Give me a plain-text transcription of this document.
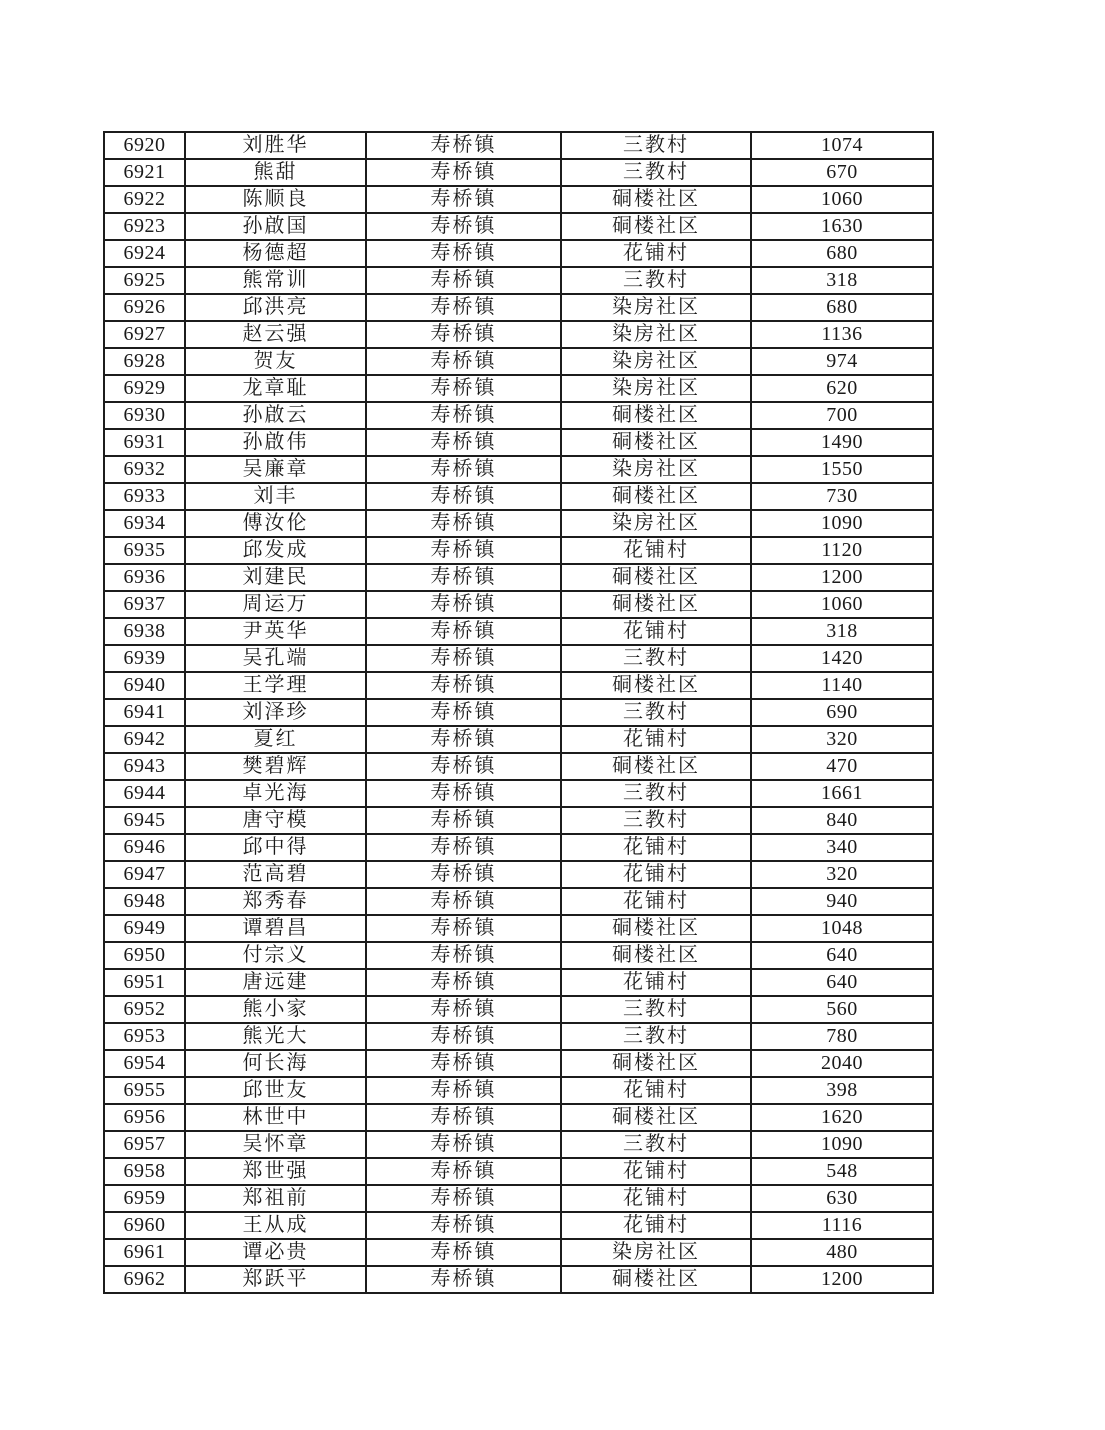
6920	刘胜华	寿桥镇	三教村	1074
6921	熊甜	寿桥镇	三教村	670
6922	陈顺良	寿桥镇	硐楼社区	1060
6923	孙啟国	寿桥镇	硐楼社区	1630
6924	杨德超	寿桥镇	花铺村	680
6925	熊常训	寿桥镇	三教村	318
6926	邱洪亮	寿桥镇	染房社区	680
6927	赵云强	寿桥镇	染房社区	1136
6928	贺友	寿桥镇	染房社区	974
6929	龙章耻	寿桥镇	染房社区	620
6930	孙啟云	寿桥镇	硐楼社区	700
6931	孙啟伟	寿桥镇	硐楼社区	1490
6932	吴廉章	寿桥镇	染房社区	1550
6933	刘丰	寿桥镇	硐楼社区	730
6934	傅汝伦	寿桥镇	染房社区	1090
6935	邱发成	寿桥镇	花铺村	1120
6936	刘建民	寿桥镇	硐楼社区	1200
6937	周运万	寿桥镇	硐楼社区	1060
6938	尹英华	寿桥镇	花铺村	318
6939	吴孔端	寿桥镇	三教村	1420
6940	王学理	寿桥镇	硐楼社区	1140
6941	刘泽珍	寿桥镇	三教村	690
6942	夏红	寿桥镇	花铺村	320
6943	樊碧辉	寿桥镇	硐楼社区	470
6944	卓光海	寿桥镇	三教村	1661
6945	唐守模	寿桥镇	三教村	840
6946	邱中得	寿桥镇	花铺村	340
6947	范高碧	寿桥镇	花铺村	320
6948	郑秀春	寿桥镇	花铺村	940
6949	谭碧昌	寿桥镇	硐楼社区	1048
6950	付宗义	寿桥镇	硐楼社区	640
6951	唐远建	寿桥镇	花铺村	640
6952	熊小家	寿桥镇	三教村	560
6953	熊光大	寿桥镇	三教村	780
6954	何长海	寿桥镇	硐楼社区	2040
6955	邱世友	寿桥镇	花铺村	398
6956	林世中	寿桥镇	硐楼社区	1620
6957	吴怀章	寿桥镇	三教村	1090
6958	郑世强	寿桥镇	花铺村	548
6959	郑祖前	寿桥镇	花铺村	630
6960	王从成	寿桥镇	花铺村	1116
6961	谭必贵	寿桥镇	染房社区	480
6962	郑跃平	寿桥镇	硐楼社区	1200
